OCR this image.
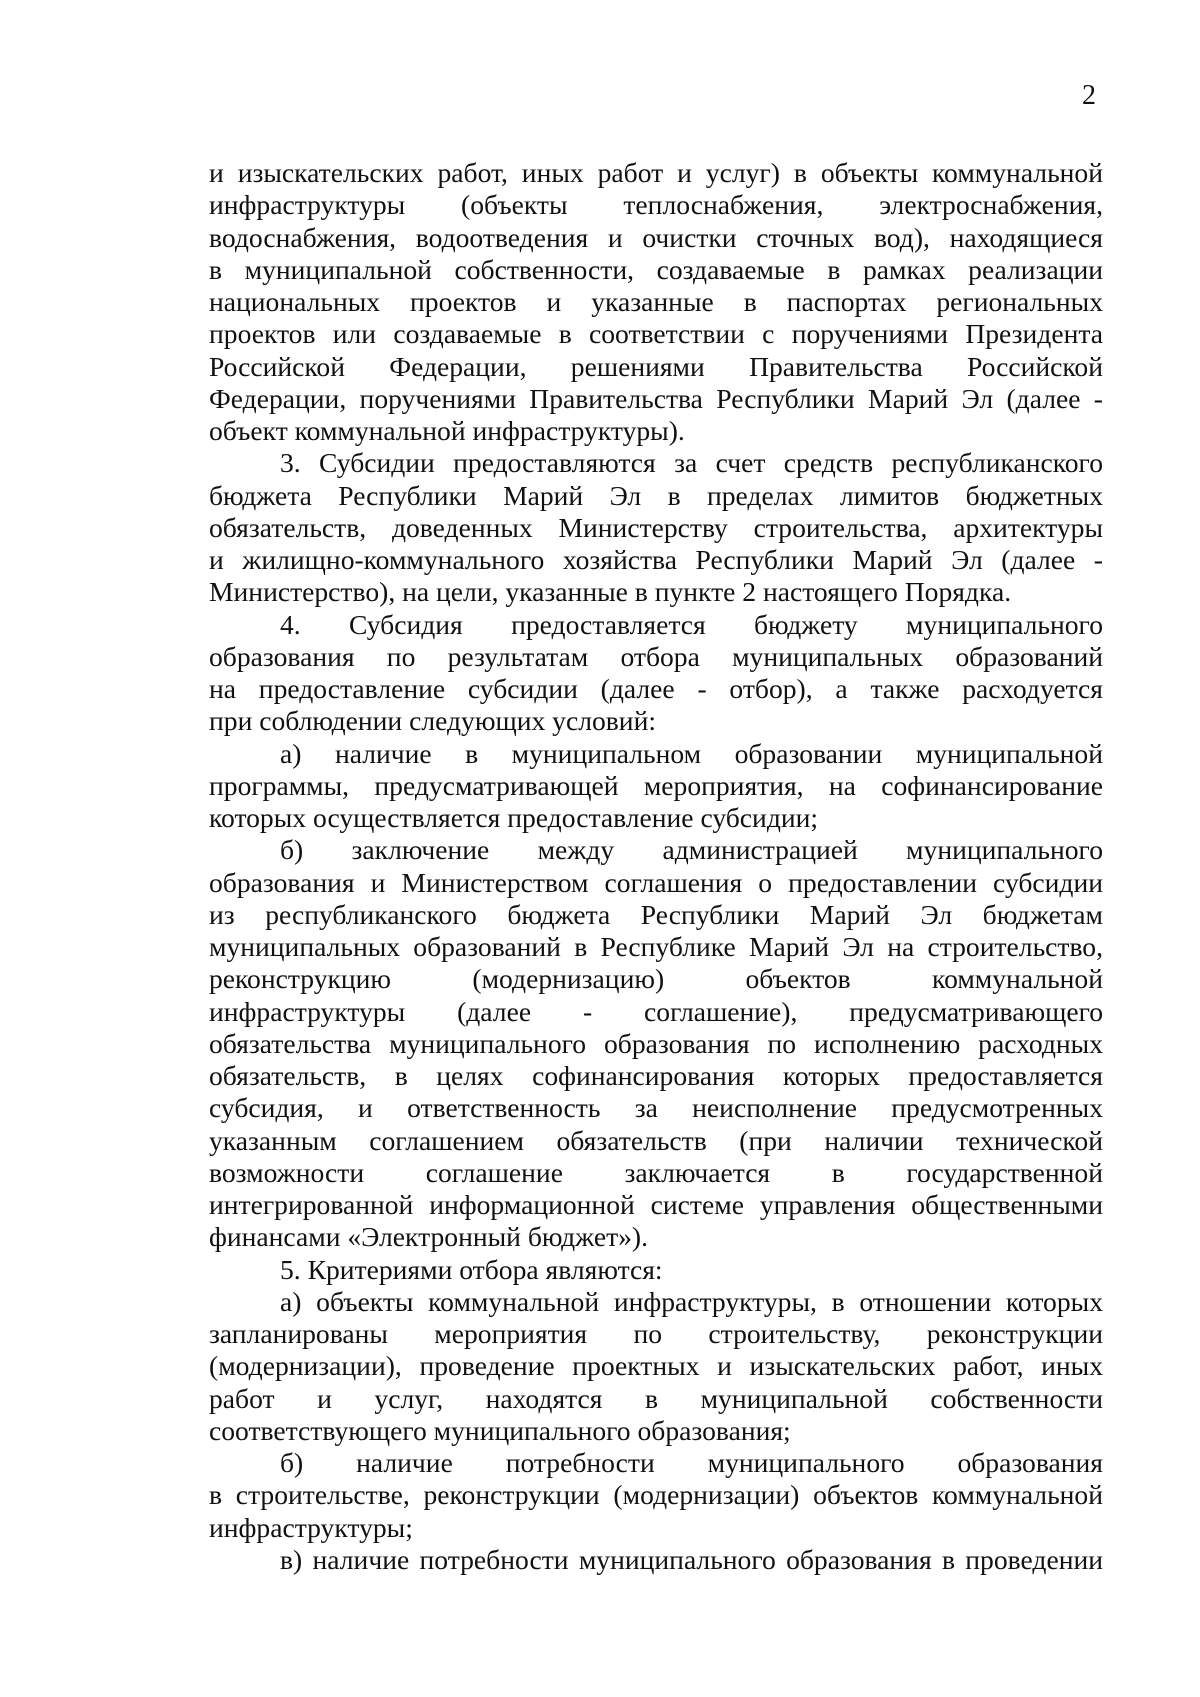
2
и изыскательских работ, иных работ и услуг) в объекты коммунальной
инфраструктуры (объекты теплоснабжения, электроснабжения,
водоснабжения, водоотведения и очистки сточных вод), находящиеся
в муниципальной собственности, создаваемые в рамках реализации
национальных проектов и указанные в паспортах региональных
проектов или создаваемые в соответствии с поручениями Президента
Российской Федерации, решениями Правительства Российской
Федерации, поручениями Правительства Республики Марий Эл (далее -
объект коммунальной инфраструктуры).
3. Субсидии предоставляются за счет средств республиканского
бюджета Республики Марий Эл в пределах лимитов бюджетных
обязательств, доведенных Министерству строительства, архитектуры
и жилищно-коммунального хозяйства Республики Марий Эл (далее -
Министерство), на цели, указанные в пункте 2 настоящего Порядка.
4. Субсидия предоставляется бюджету муниципального
образования по результатам отбора муниципальных образований
на предоставление субсидии (далее - отбор), а также расходуется
при соблюдении следующих условий:
а) наличие в муниципальном образовании муниципальной
программы, предусматривающей мероприятия, на софинансирование
которых осуществляется предоставление субсидии;
б) заключение между администрацией муниципального
образования и Министерством соглашения о предоставлении субсидии
из республиканского бюджета Республики Марий Эл бюджетам
муниципальных образований в Республике Марий Эл на строительство,
реконструкцию (модернизацию) объектов коммунальной
инфраструктуры (далее - соглашение), предусматривающего
обязательства муниципального образования по исполнению расходных
обязательств, в целях софинансирования которых предоставляется
субсидия, и ответственность за неисполнение предусмотренных
указанным соглашением обязательств (при наличии технической
возможности соглашение заключается в государственной
интегрированной информационной системе управления общественными
финансами «Электронный бюджет»).
5. Критериями отбора являются:
а) объекты коммунальной инфраструктуры, в отношении которых
запланированы мероприятия по строительству, реконструкции
(модернизации), проведение проектных и изыскательских работ, иных
работ и услуг, находятся в муниципальной собственности
соответствующего муниципального образования;
б) наличие потребности муниципального образования
в строительстве, реконструкции (модернизации) объектов коммунальной
инфраструктуры;
в) наличие потребности муниципального образования в проведении
